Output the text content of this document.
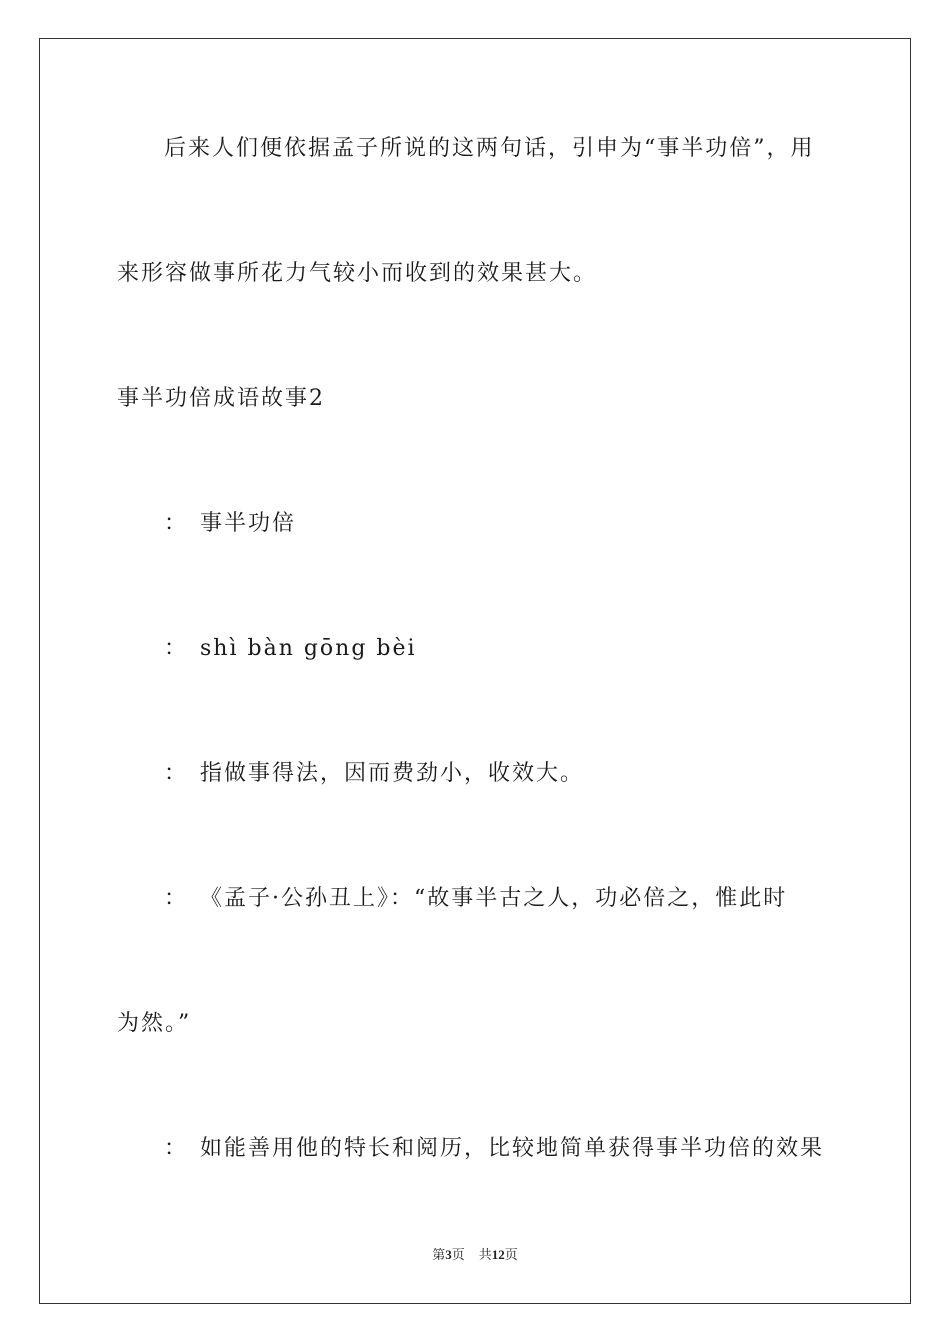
后来人们便依据孟子所说的这两句话，引申为“事半功倍”，用
来形容做事所花力气较小而收到的效果甚大。
事半功倍成语故事2
： 事半功倍
： shì bàn gōng bèi
： 指做事得法，因而费劲小，收效大。
： 《孟子·公孙丑上》：“故事半古之人，功必倍之，惟此时
为然。”
： 如能善用他的特长和阅历，比较地简单获得事半功倍的效果
第3页 共12页
